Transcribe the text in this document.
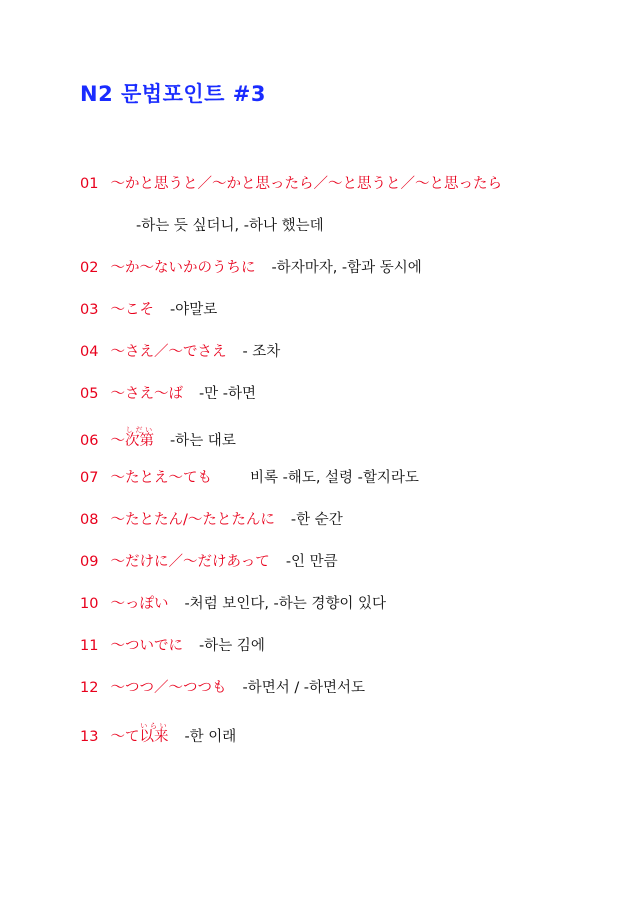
N2 문법포인트 #3
01 ～かと思うと／～かと思ったら／～と思うと／～と思ったら
-하는 듯 싶더니, -하나 했는데
02 ～か～ないかのうちに -하자마자, -함과 동시에
03 ～こそ -야말로
04 ～さえ／～でさえ - 조차
05 ～さえ～ば -만 -하면
06 ～次第しだい-하는 대로
07 ～たとえ～ても	비록 -해도, 설령 -할지라도
08 ～たとたん/～たとたんに -한 순간
09 ～だけに／～だけあって -인 만큼
10 ～っぽい -처럼 보인다, -하는 경향이 있다
11 ～ついでに -하는 김에
12 ～つつ／～つつも -하면서 / -하면서도
13 ～て以来いらい-한 이래
